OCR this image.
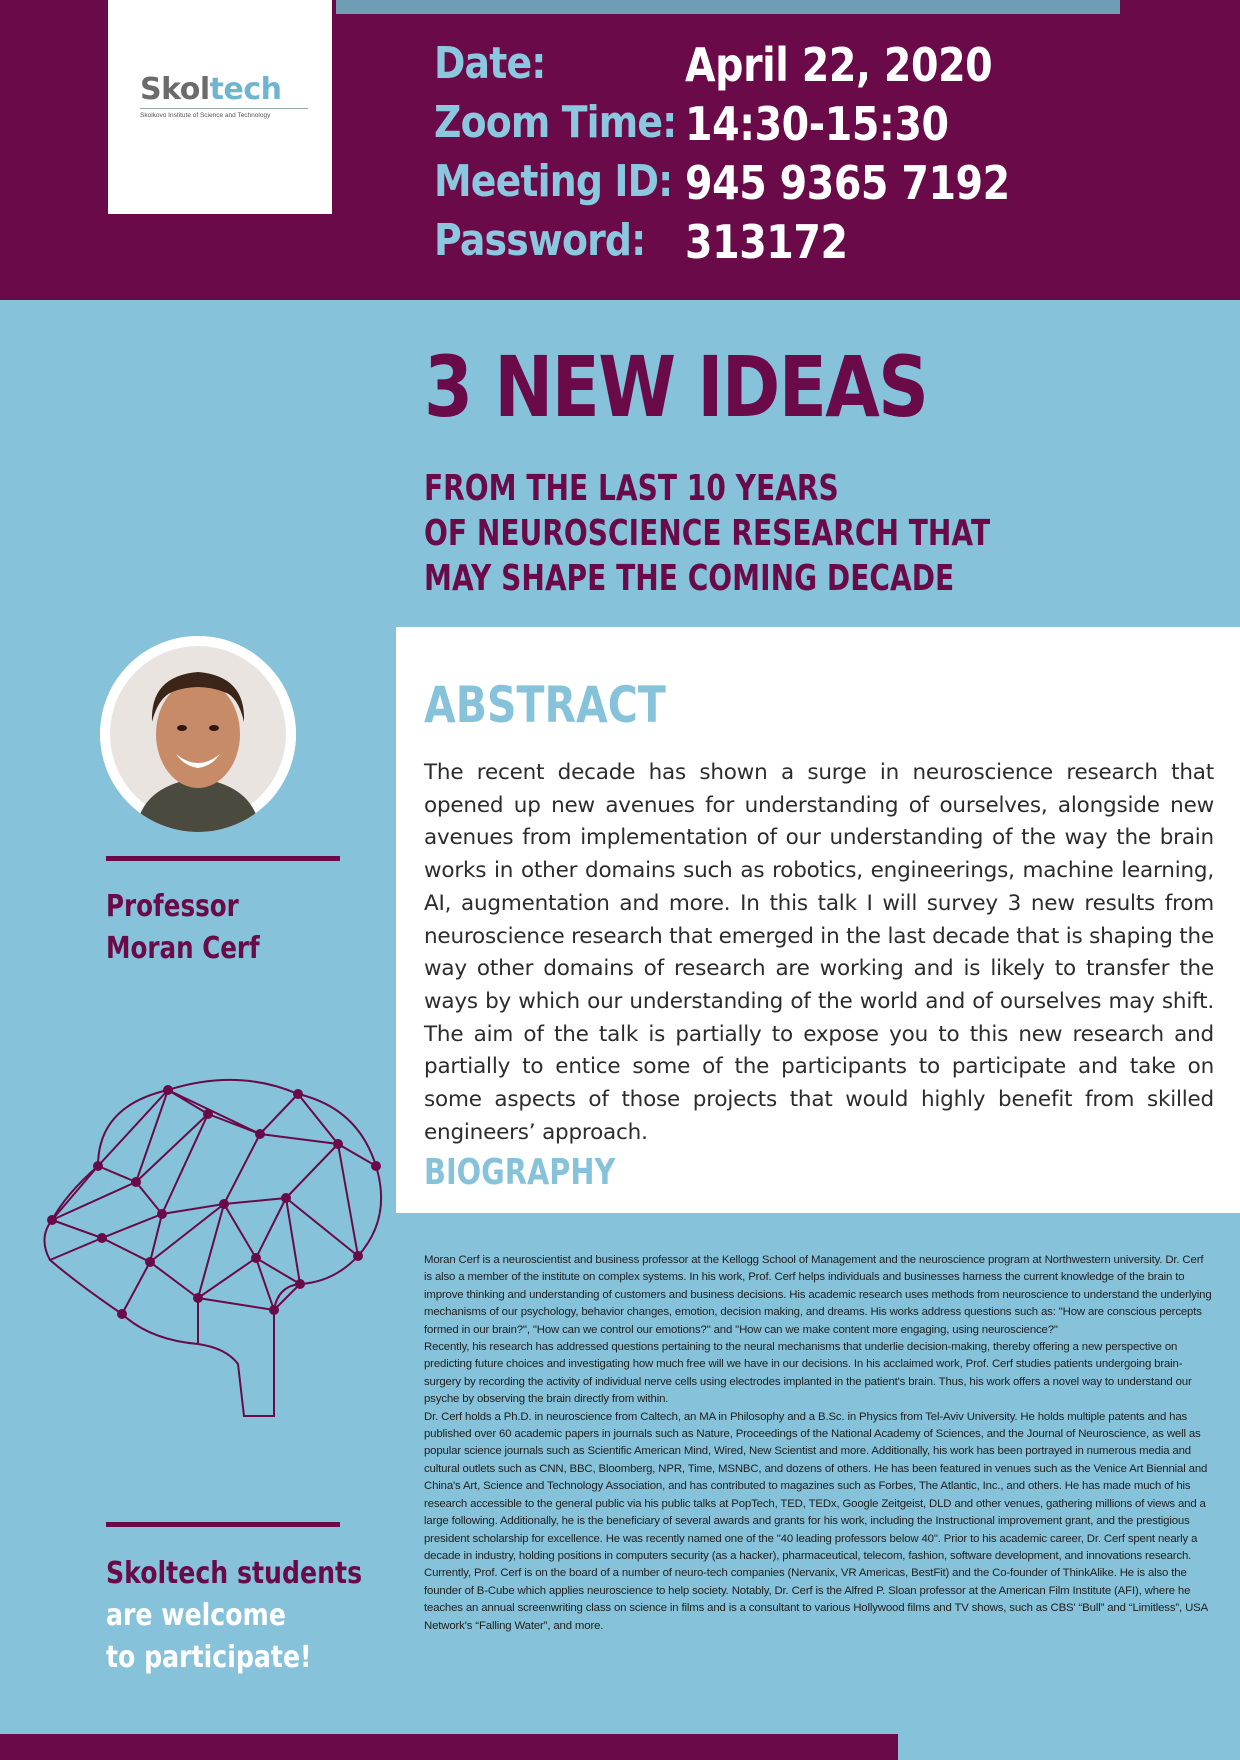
Skoltech
Skolkovo Institute of Science and Technology
Date:	April 22, 2020
Zoom Time: 14:30-15:30
Meeting ID: 945 9365 7192
Password: 313172
3 NEW IDEAS
FROM THE LAST 10 YEARS
OF NEUROSCIENCE RESEARCH THAT
MAY SHAPE THE COMING DECADE
ABSTRACT
The recent decade has shown a surge in neuroscience research that opened up new avenues for understanding of ourselves, alongside new avenues from implementation of our understanding of the way the brain works in other domains such as robotics, engineerings, machine learning, AI, augmentation and more. In this talk I will survey 3 new results from neuroscience research that emerged in the last decade that is shaping the way other domains of research are working and is likely to transfer the ways by which our understanding of the world and of ourselves may shift. The aim of the talk is partially to expose you to this new research and partially to entice some of the participants to participate and take on some aspects of those projects that would highly benefit from skilled engineers’ approach.
BIOGRAPHY

Moran Cerf is a neuroscientist and business professor at the Kellogg School of Management and the neuroscience program at Northwestern university. Dr. Cerf is also a member of the institute on complex systems. In his work, Prof. Cerf helps individuals and businesses harness the current knowledge of the brain to improve thinking and understanding of customers and business decisions. His academic research uses methods from neuroscience to understand the underlying mechanisms of our psychology, behavior changes, emotion, decision making, and dreams. His works address questions such as: "How are conscious percepts formed in our brain?", "How can we control our emotions?" and "How can we make content more engaging, using neuroscience?"

Recently, his research has addressed questions pertaining to the neural mechanisms that underlie decision-making, thereby offering a new perspective on predicting future choices and investigating how much free will we have in our decisions. In his acclaimed work, Prof. Cerf studies patients undergoing brain-surgery by recording the activity of individual nerve cells using electrodes implanted in the patient's brain. Thus, his work offers a novel way to understand our psyche by observing the brain directly from within.

Dr. Cerf holds a Ph.D. in neuroscience from Caltech, an MA in Philosophy and a B.Sc. in Physics from Tel-Aviv University. He holds multiple patents and has published over 60 academic papers in journals such as Nature, Proceedings of the National Academy of Sciences, and the Journal of Neuroscience, as well as popular science journals such as Scientific American Mind, Wired, New Scientist and more. Additionally, his work has been portrayed in numerous media and cultural outlets such as CNN, BBC, Bloomberg, NPR, Time, MSNBC, and dozens of others. He has been featured in venues such as the Venice Art Biennial and China's Art, Science and Technology Association, and has contributed to magazines such as Forbes, The Atlantic, Inc., and others. He has made much of his research accessible to the general public via his public talks at PopTech, TED, TEDx, Google Zeitgeist, DLD and other venues, gathering millions of views and a large following. Additionally, he is the beneficiary of several awards and grants for his work, including the Instructional improvement grant, and the prestigious president scholarship for excellence. He was recently named one of the "40 leading professors below 40". Prior to his academic career, Dr. Cerf spent nearly a decade in industry, holding positions in computers security (as a hacker), pharmaceutical, telecom, fashion, software development, and innovations research. Currently, Prof. Cerf is on the board of a number of neuro-tech companies (Nervanix, VR Americas, BestFit) and the Co-founder of ThinkAlike. He is also the founder of B-Cube which applies neuroscience to help society. Notably, Dr. Cerf is the Alfred P. Sloan professor at the American Film Institute (AFI), where he teaches an annual screenwriting class on science in films and is a consultant to various Hollywood films and TV shows, such as CBS' “Bull” and “Limitless”, USA Network's “Falling Water”, and more.

Professor
Moran Cerf
Skoltech students
are welcome
to participate!
